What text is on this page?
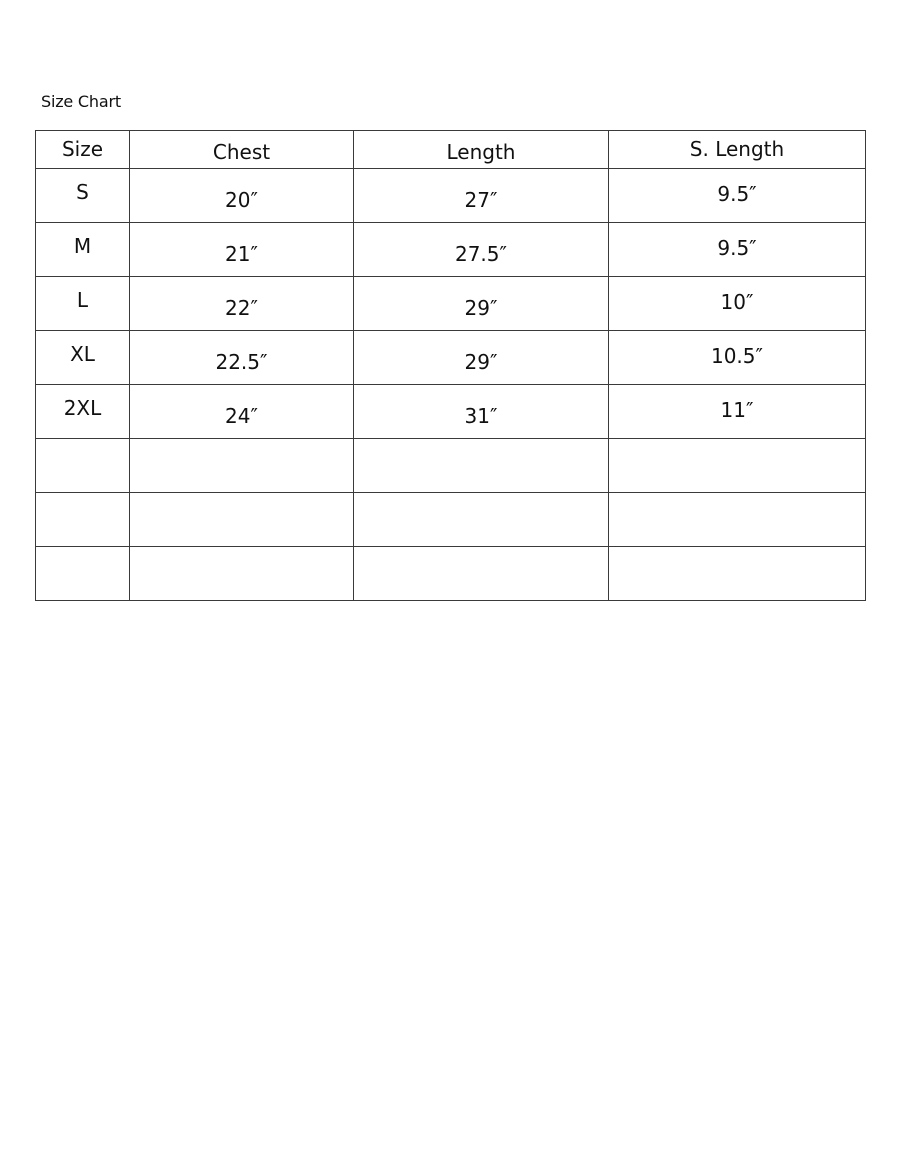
Size Chart
Size	Chest	Length	S. Length
S	20″	27″	9.5″
M	21″	27.5″	9.5″
L	22″	29″	10″
XL	22.5″	29″	10.5″
2XL	24″	31″	11″
